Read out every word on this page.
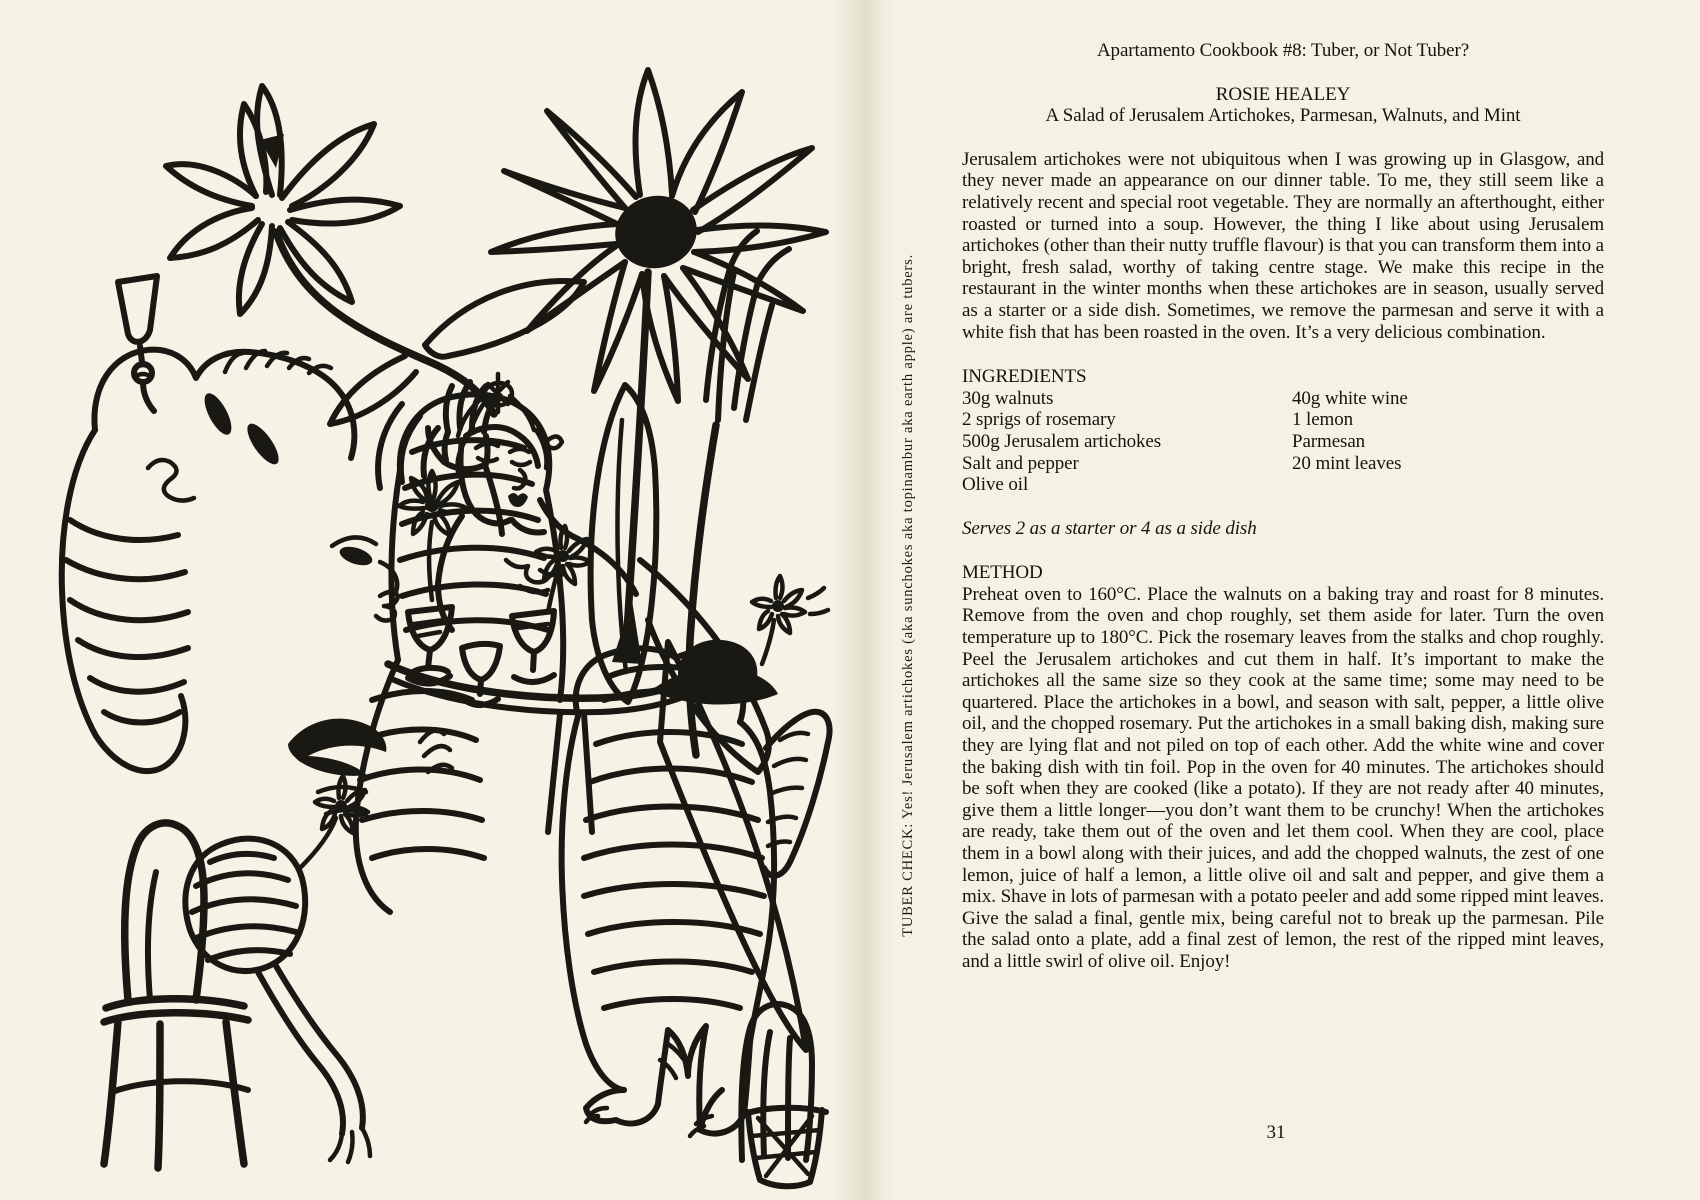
TUBER CHECK: Yes! Jerusalem artichokes (aka sunchokes aka topinambur aka earth apple) are tubers.
Apartamento Cookbook #8: Tuber, or Not Tuber?
ROSIE HEALEY
A Salad of Jerusalem Artichokes, Parmesan, Walnuts, and Mint
Jerusalem artichokes were not ubiquitous when I was growing up in Glasgow, and they never made an appearance on our dinner table. To me, they still seem like a relatively recent and special root vegetable. They are normally an afterthought, either roasted or turned into a soup. However, the thing I like about using Jerusalem artichokes (other than their nutty truffle flavour) is that you can transform them into a bright, fresh salad, worthy of taking centre stage. We make this recipe in the restaurant in the winter months when these artichokes are in season, usually served as a starter or a side dish. Sometimes, we remove the parmesan and serve it with a white fish that has been roasted in the oven. It’s a very delicious combination.
INGREDIENTS
30g walnuts
2 sprigs of rosemary
500g Jerusalem artichokes
Salt and pepper
Olive oil
40g white wine
1 lemon
Parmesan
20 mint leaves
Serves 2 as a starter or 4 as a side dish
METHOD
Preheat oven to 160°C. Place the walnuts on a baking tray and roast for 8 minutes. Remove from the oven and chop roughly, set them aside for later. Turn the oven temperature up to 180°C. Pick the rosemary leaves from the stalks and chop roughly. Peel the Jerusalem artichokes and cut them in half. It’s important to make the artichokes all the same size so they cook at the same time; some may need to be quartered. Place the artichokes in a bowl, and season with salt, pepper, a little olive oil, and the chopped rosemary. Put the artichokes in a small baking dish, making sure they are lying flat and not piled on top of each other. Add the white wine and cover the baking dish with tin foil. Pop in the oven for 40 minutes. The artichokes should be soft when they are cooked (like a potato). If they are not ready after 40 minutes, give them a little longer—you don’t want them to be crunchy! When the artichokes are ready, take them out of the oven and let them cool. When they are cool, place them in a bowl along with their juices, and add the chopped walnuts, the zest of one lemon, juice of half a lemon, a little olive oil and salt and pepper, and give them a mix. Shave in lots of parmesan with a potato peeler and add some ripped mint leaves. Give the salad a final, gentle mix, being careful not to break up the parmesan. Pile the salad onto a plate, add a final zest of lemon, the rest of the ripped mint leaves, and a little swirl of olive oil. Enjoy!
31
